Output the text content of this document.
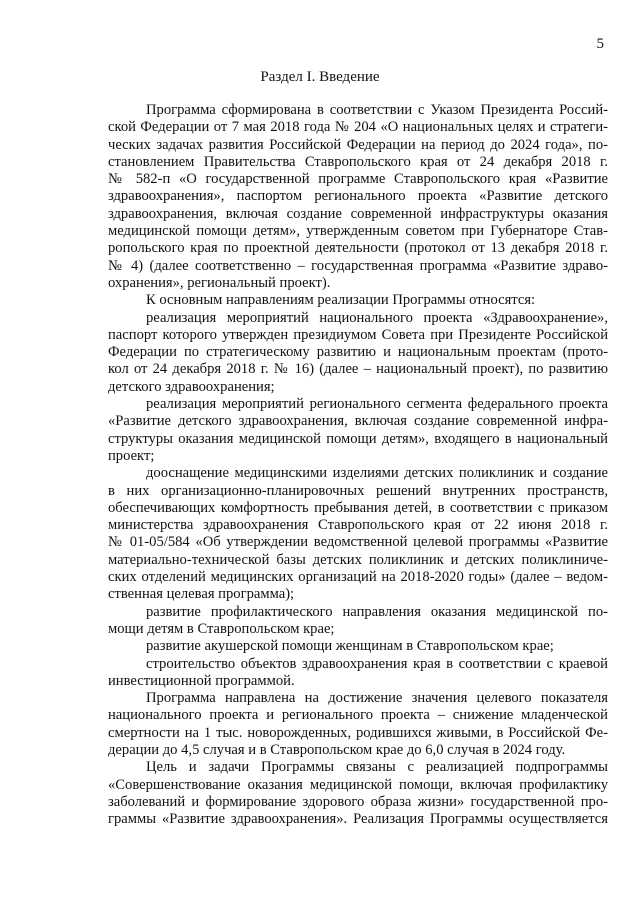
5
Раздел I. Введение
Программа сформирована в соответствии с Указом Президента Россий-
ской Федерации от 7 мая 2018 года № 204 «О национальных целях и стратеги-
ческих задачах развития Российской Федерации на период до 2024 года», по-
становлением Правительства Ставропольского края от 24 декабря 2018 г.
№ 582-п «О государственной программе Ставропольского края «Развитие
здравоохранения», паспортом регионального проекта «Развитие детского
здравоохранения, включая создание современной инфраструктуры оказания
медицинской помощи детям», утвержденным советом при Губернаторе Став-
ропольского края по проектной деятельности (протокол от 13 декабря 2018 г.
№ 4) (далее соответственно – государственная программа «Развитие здраво-
охранения», региональный проект).
К основным направлениям реализации Программы относятся:
реализация мероприятий национального проекта «Здравоохранение»,
паспорт которого утвержден президиумом Совета при Президенте Российской
Федерации по стратегическому развитию и национальным проектам (прото-
кол от 24 декабря 2018 г. № 16) (далее – национальный проект), по развитию
детского здравоохранения;
реализация мероприятий регионального сегмента федерального проекта
«Развитие детского здравоохранения, включая создание современной инфра-
структуры оказания медицинской помощи детям», входящего в национальный
проект;
дооснащение медицинскими изделиями детских поликлиник и создание
в них организационно-планировочных решений внутренних пространств,
обеспечивающих комфортность пребывания детей, в соответствии с приказом
министерства здравоохранения Ставропольского края от 22 июня 2018 г.
№ 01-05/584 «Об утверждении ведомственной целевой программы «Развитие
материально-технической базы детских поликлиник и детских поликлиниче-
ских отделений медицинских организаций на 2018-2020 годы» (далее – ведом-
ственная целевая программа);
развитие профилактического направления оказания медицинской по-
мощи детям в Ставропольском крае;
развитие акушерской помощи женщинам в Ставропольском крае;
строительство объектов здравоохранения края в соответствии с краевой
инвестиционной программой.
Программа направлена на достижение значения целевого показателя
национального проекта и регионального проекта – снижение младенческой
смертности на 1 тыс. новорожденных, родившихся живыми, в Российской Фе-
дерации до 4,5 случая и в Ставропольском крае до 6,0 случая в 2024 году.
Цель и задачи Программы связаны с реализацией подпрограммы
«Совершенствование оказания медицинской помощи, включая профилактику
заболеваний и формирование здорового образа жизни» государственной про-
граммы «Развитие здравоохранения». Реализация Программы осуществляется
